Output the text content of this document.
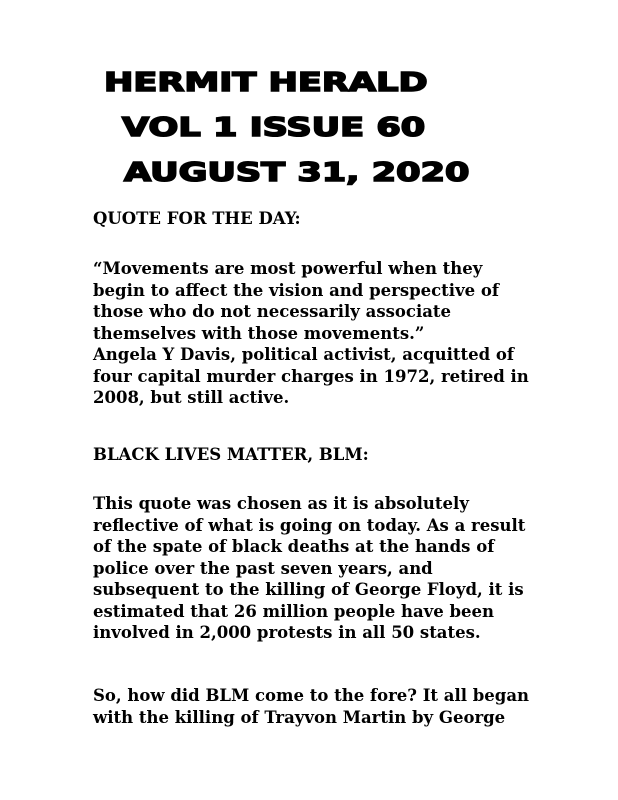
HERMIT HERALD
VOL 1 ISSUE 60
AUGUST 31, 2020

QUOTE FOR THE DAY:

“Movements are most powerful when they

begin to affect the vision and perspective of

those who do not necessarily associate

themselves with those movements.”

Angela Y Davis, political activist, acquitted of

four capital murder charges in 1972, retired in

2008, but still active.

BLACK LIVES MATTER, BLM:

This quote was chosen as it is absolutely

reflective of what is going on today. As a result

of the spate of black deaths at the hands of

police over the past seven years, and

subsequent to the killing of George Floyd, it is

estimated that 26 million people have been

involved in 2,000 protests in all 50 states.

So, how did BLM come to the fore? It all began

with the killing of Trayvon Martin by George
